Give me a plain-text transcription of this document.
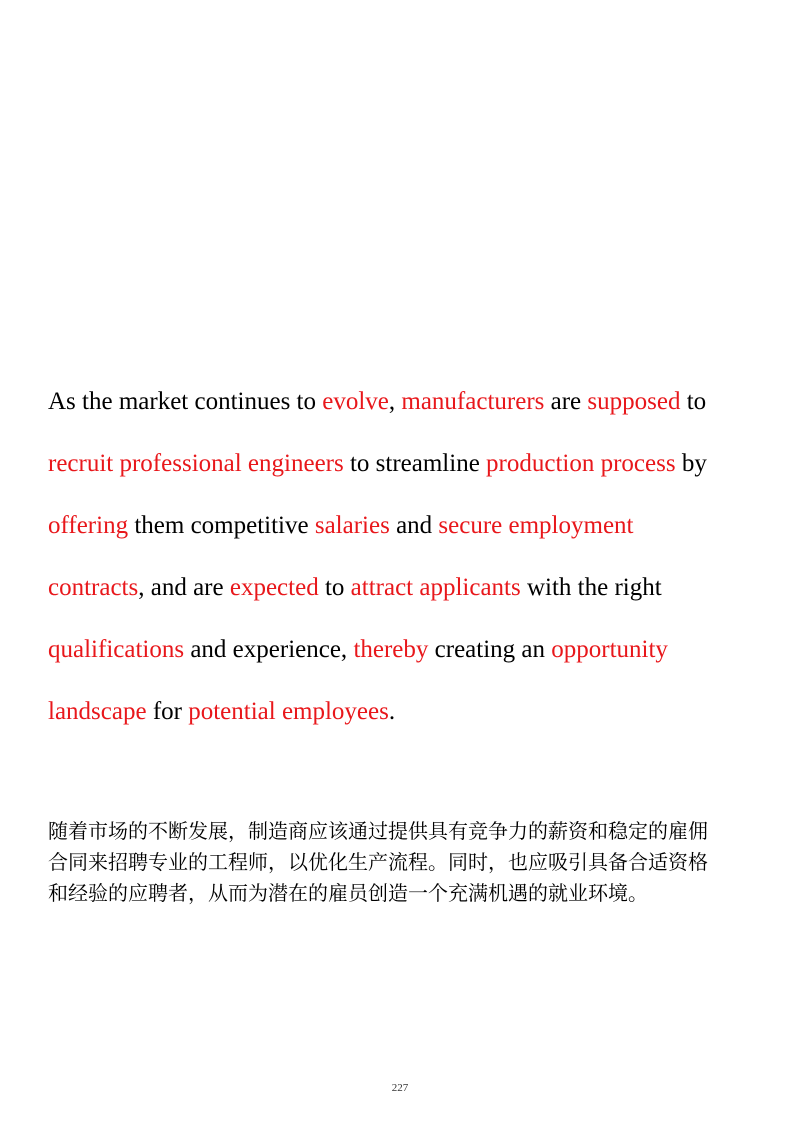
As the market continues to evolve, manufacturers are supposed to
recruit professional engineers to streamline production process by
offering them competitive salaries and secure employment
contracts, and are expected to attract applicants with the right
qualifications and experience, thereby creating an opportunity
landscape for potential employees.

随着市场的不断发展，制造商应该通过提供具有竞争力的薪资和稳定的雇佣
合同来招聘专业的工程师，以优化生产流程。同时，也应吸引具备合适资格
和经验的应聘者，从而为潜在的雇员创造一个充满机遇的就业环境。

227
